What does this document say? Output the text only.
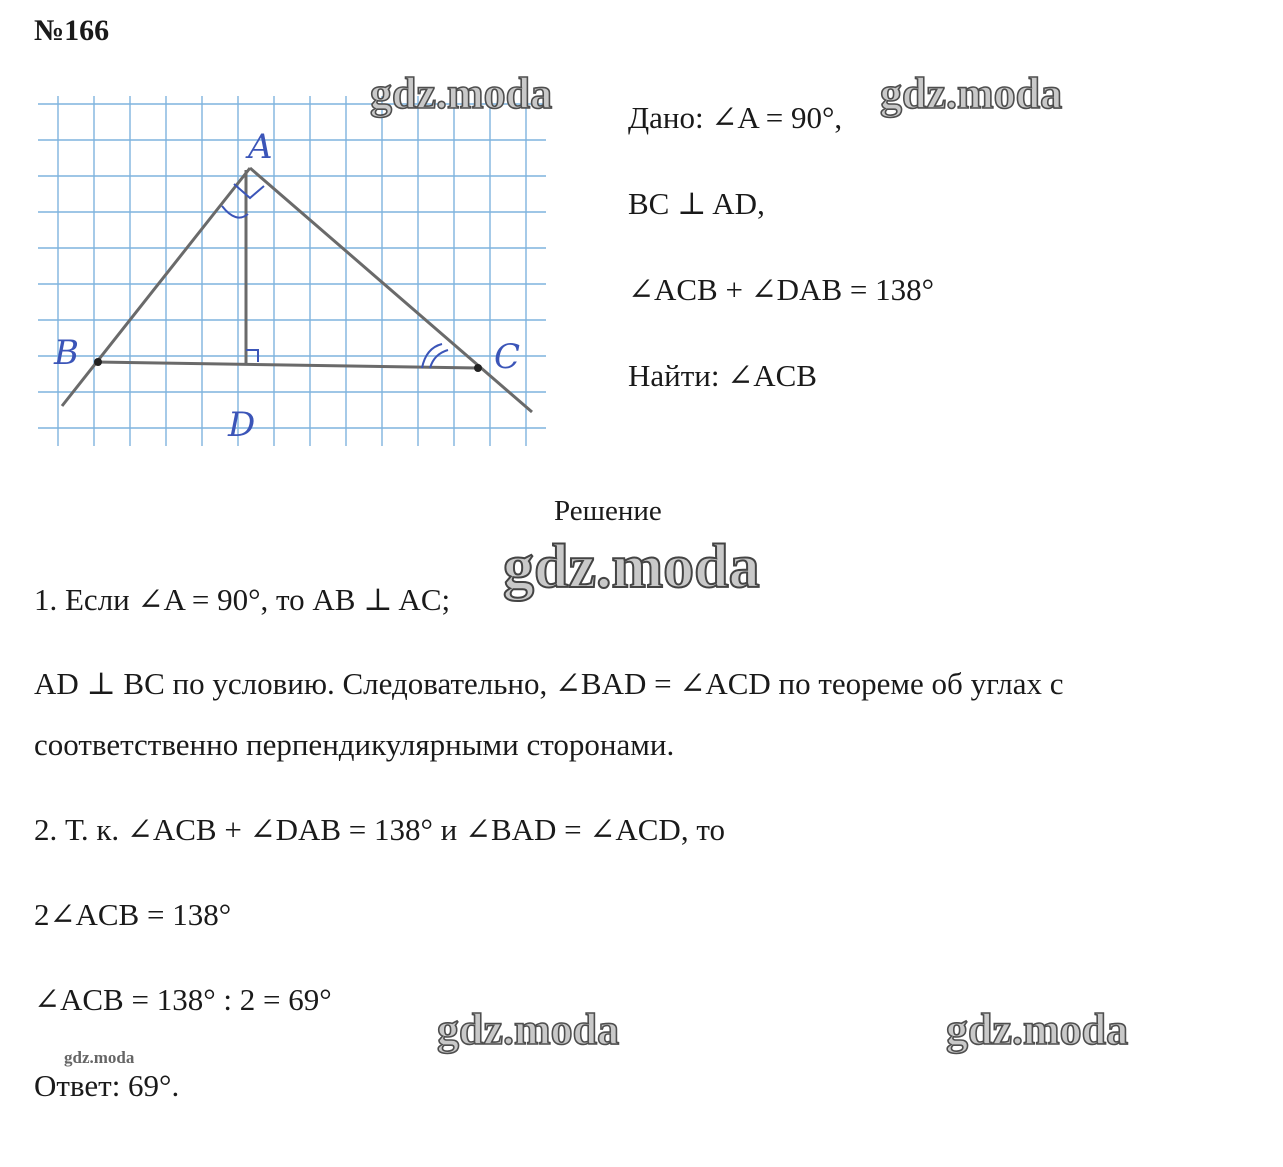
№166
A
B	C
D
Дано: ∠A = 90°,
BC ⊥ AD,
∠ACB + ∠DAB = 138°
Найти: ∠ACB
Решение
1. Если ∠A = 90°, то AB ⊥ AC;
AD ⊥ BC по условию. Следовательно, ∠BAD = ∠ACD по теореме об углах с
соответственно перпендикулярными сторонами.
2. Т. к. ∠ACB + ∠DAB = 138° и ∠BAD = ∠ACD, то
2∠ACB = 138°
∠ACB = 138° : 2 = 69°
Ответ: 69°.
gdz.moda	gdz.moda
gdz.moda
gdz.moda	gdz.moda
gdz.moda
